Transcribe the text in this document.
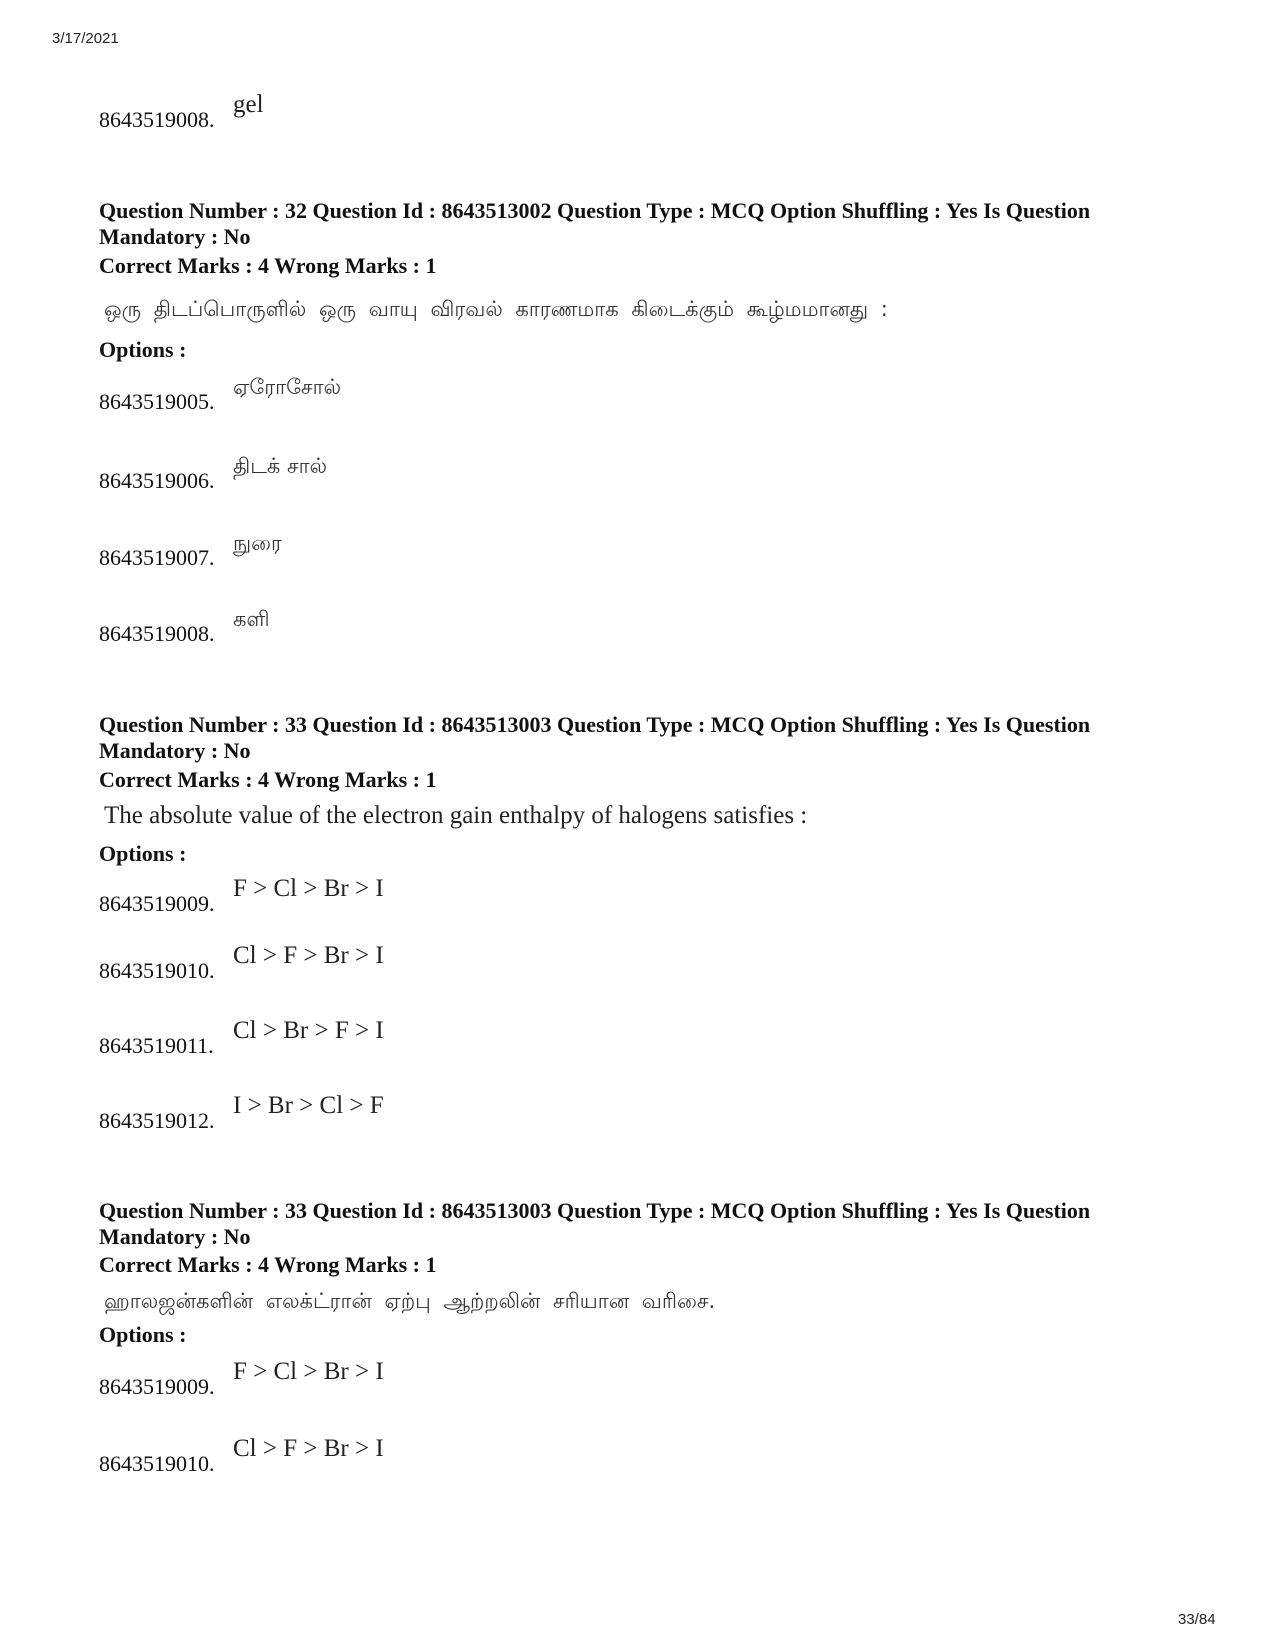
3/17/2021
8643519008.
gel
Question Number : 32 Question Id : 8643513002 Question Type : MCQ Option Shuffling : Yes Is Question Mandatory : No
Correct Marks : 4 Wrong Marks : 1
ஒரு திடப்பொருளில் ஒரு வாயு விரவல் காரணமாக கிடைக்கும் கூழ்மமானது :
Options :
8643519005.
ஏரோசோல்
8643519006.
திடக் சால்
8643519007.
நுரை
8643519008.
களி
Question Number : 33 Question Id : 8643513003 Question Type : MCQ Option Shuffling : Yes Is Question Mandatory : No
Correct Marks : 4 Wrong Marks : 1
The absolute value of the electron gain enthalpy of halogens satisfies :
Options :
8643519009.
F > Cl > Br > I
8643519010.
Cl > F > Br > I
8643519011.
Cl > Br > F > I
8643519012.
I > Br > Cl > F
Question Number : 33 Question Id : 8643513003 Question Type : MCQ Option Shuffling : Yes Is Question Mandatory : No
Correct Marks : 4 Wrong Marks : 1
ஹாலஜன்களின் எலக்ட்ரான் ஏற்பு ஆற்றலின் சரியான வரிசை.
Options :
8643519009.
F > Cl > Br > I
8643519010.
Cl > F > Br > I
33/84
